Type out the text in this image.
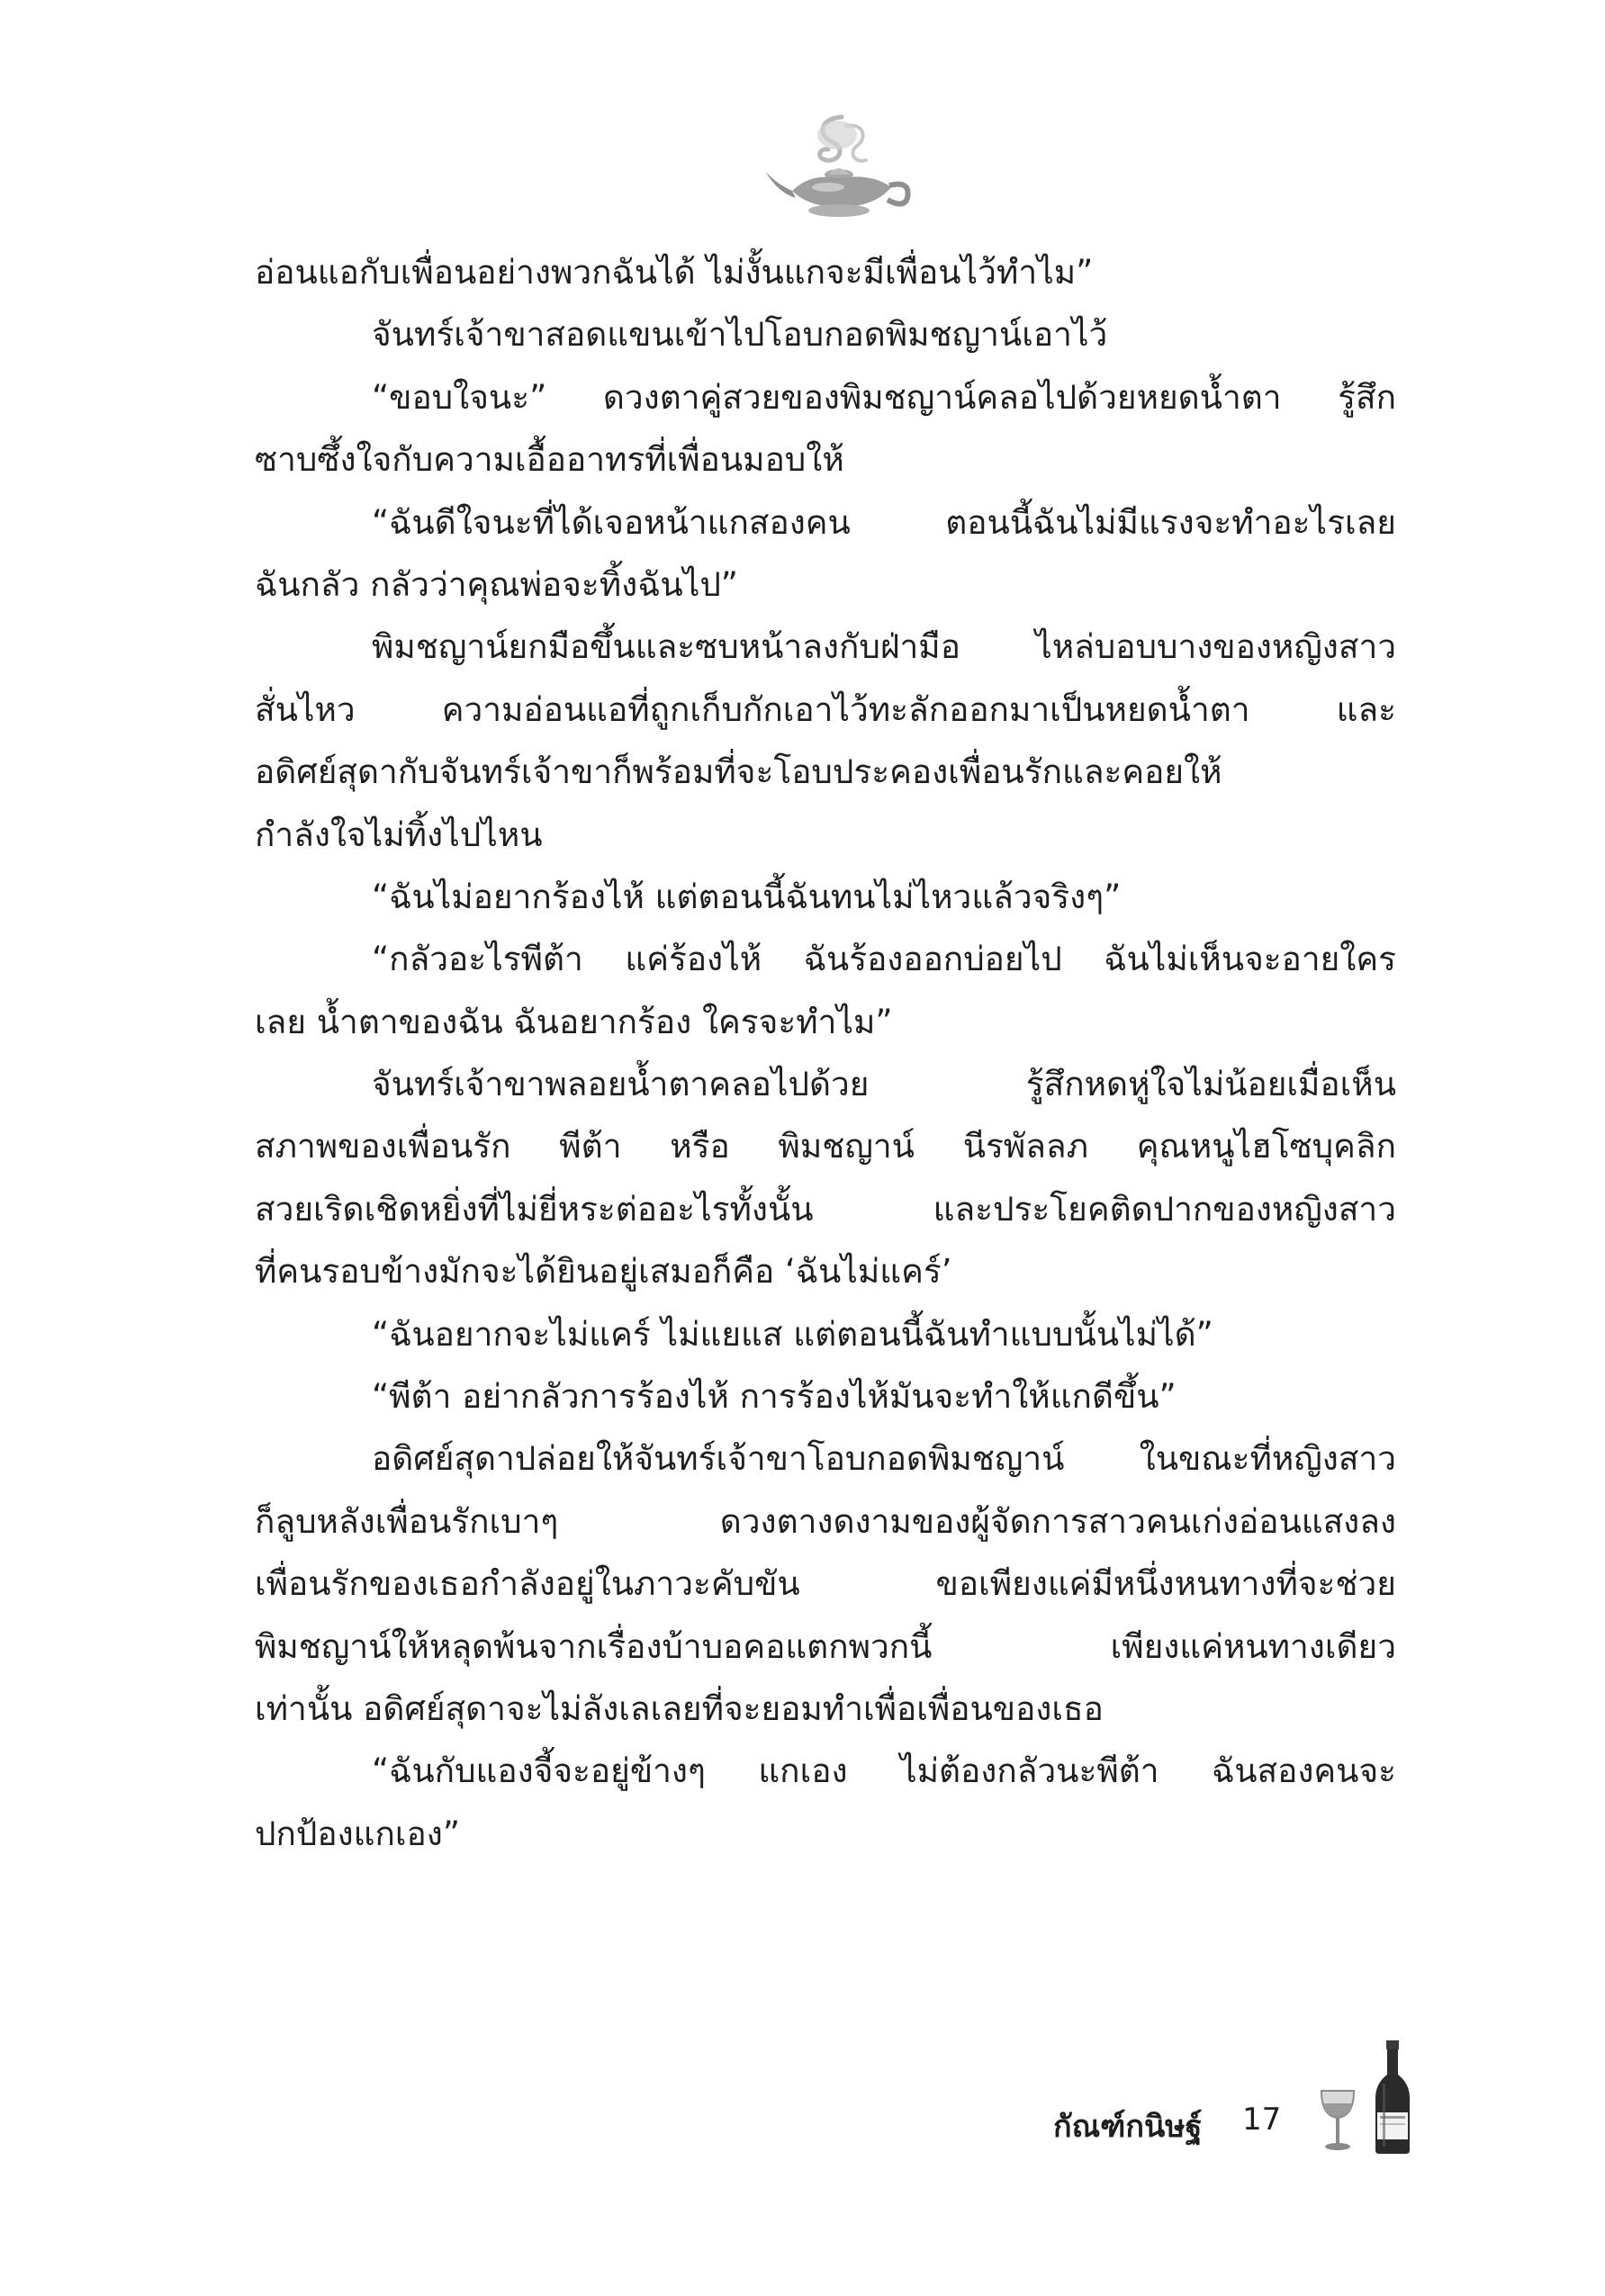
อ่อนแอกับเพื่อนอย่างพวกฉันได้ ไม่งั้นแกจะมีเพื่อนไว้ทำไม”
จันทร์เจ้าขาสอดแขนเข้าไปโอบกอดพิมชญาน์เอาไว้
“ขอบใจนะ” ดวงตาคู่สวยของพิมชญาน์คลอไปด้วยหยดน้ำตา รู้สึก
ซาบซึ้งใจกับความเอื้ออาทรที่เพื่อนมอบให้
“ฉันดีใจนะที่ได้เจอหน้าแกสองคน ตอนนี้ฉันไม่มีแรงจะทำอะไรเลย
ฉันกลัว กลัวว่าคุณพ่อจะทิ้งฉันไป”
พิมชญาน์ยกมือขึ้นและซบหน้าลงกับฝ่ามือ ไหล่บอบบางของหญิงสาว
สั่นไหว ความอ่อนแอที่ถูกเก็บกักเอาไว้ทะลักออกมาเป็นหยดน้ำตา และ
อดิศย์สุดากับจันทร์เจ้าขาก็พร้อมที่จะโอบประคองเพื่อนรักและคอยให้
กำลังใจไม่ทิ้งไปไหน
“ฉันไม่อยากร้องไห้ แต่ตอนนี้ฉันทนไม่ไหวแล้วจริงๆ”
“กลัวอะไรพีต้า แค่ร้องไห้ ฉันร้องออกบ่อยไป ฉันไม่เห็นจะอายใคร
เลย น้ำตาของฉัน ฉันอยากร้อง ใครจะทำไม”
จันทร์เจ้าขาพลอยน้ำตาคลอไปด้วย รู้สึกหดหู่ใจไม่น้อยเมื่อเห็น
สภาพของเพื่อนรัก พีต้า หรือ พิมชญาน์ นีรพัลลภ คุณหนูไฮโซบุคลิก
สวยเริดเชิดหยิ่งที่ไม่ยี่หระต่ออะไรทั้งนั้น และประโยคติดปากของหญิงสาว
ที่คนรอบข้างมักจะได้ยินอยู่เสมอก็คือ ‘ฉันไม่แคร์’
“ฉันอยากจะไม่แคร์ ไม่แยแส แต่ตอนนี้ฉันทำแบบนั้นไม่ได้”
“พีต้า อย่ากลัวการร้องไห้ การร้องไห้มันจะทำให้แกดีขึ้น”
อดิศย์สุดาปล่อยให้จันทร์เจ้าขาโอบกอดพิมชญาน์ ในขณะที่หญิงสาว
ก็ลูบหลังเพื่อนรักเบาๆ ดวงตางดงามของผู้จัดการสาวคนเก่งอ่อนแสงลง
เพื่อนรักของเธอกำลังอยู่ในภาวะคับขัน ขอเพียงแค่มีหนึ่งหนทางที่จะช่วย
พิมชญาน์ให้หลุดพ้นจากเรื่องบ้าบอคอแตกพวกนี้ เพียงแค่หนทางเดียว
เท่านั้น อดิศย์สุดาจะไม่ลังเลเลยที่จะยอมทำเพื่อเพื่อนของเธอ
“ฉันกับแองจี้จะอยู่ข้างๆ แกเอง ไม่ต้องกลัวนะพีต้า ฉันสองคนจะ
ปกป้องแกเอง”
กัณฑ์กนิษฐ์ 17
